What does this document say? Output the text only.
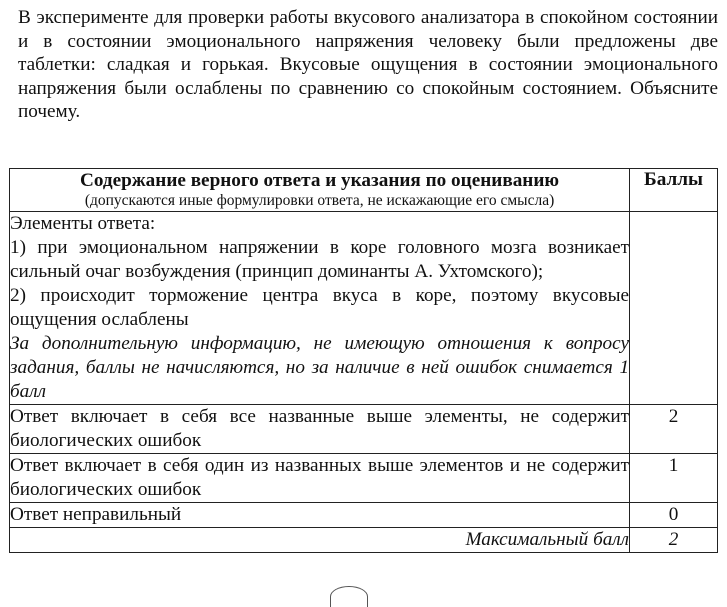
В эксперименте для проверки работы вкусового анализатора в спокойном состоянии и в состоянии эмоционального напряжения человеку были предложены две таблетки: сладкая и горькая. Вкусовые ощущения в состоянии эмоционального напряжения были ослаблены по сравнению со спокойным состоянием. Объясните почему.
Содержание верного ответа и указания по оцениванию
(допускаются иные формулировки ответа, не искажающие его смысла)	Баллы

Элементы ответа:

1) при эмоциональном напряжении в коре головного мозга возникает сильный очаг возбуждения (принцип доминанты А. Ухтомского);

2) происходит торможение центра вкуса в коре, поэтому вкусовые ощущения ослаблены

За дополнительную информацию, не имеющую отношения к вопросу задания, баллы не начисляются, но за наличие в ней ошибок снимается 1 балл	

Ответ включает в себя все названные выше элементы, не содержит биологических ошибок	2
Ответ включает в себя один из названных выше элементов и не содержит биологических ошибок	1
Ответ неправильный	0
Максимальный балл	2
